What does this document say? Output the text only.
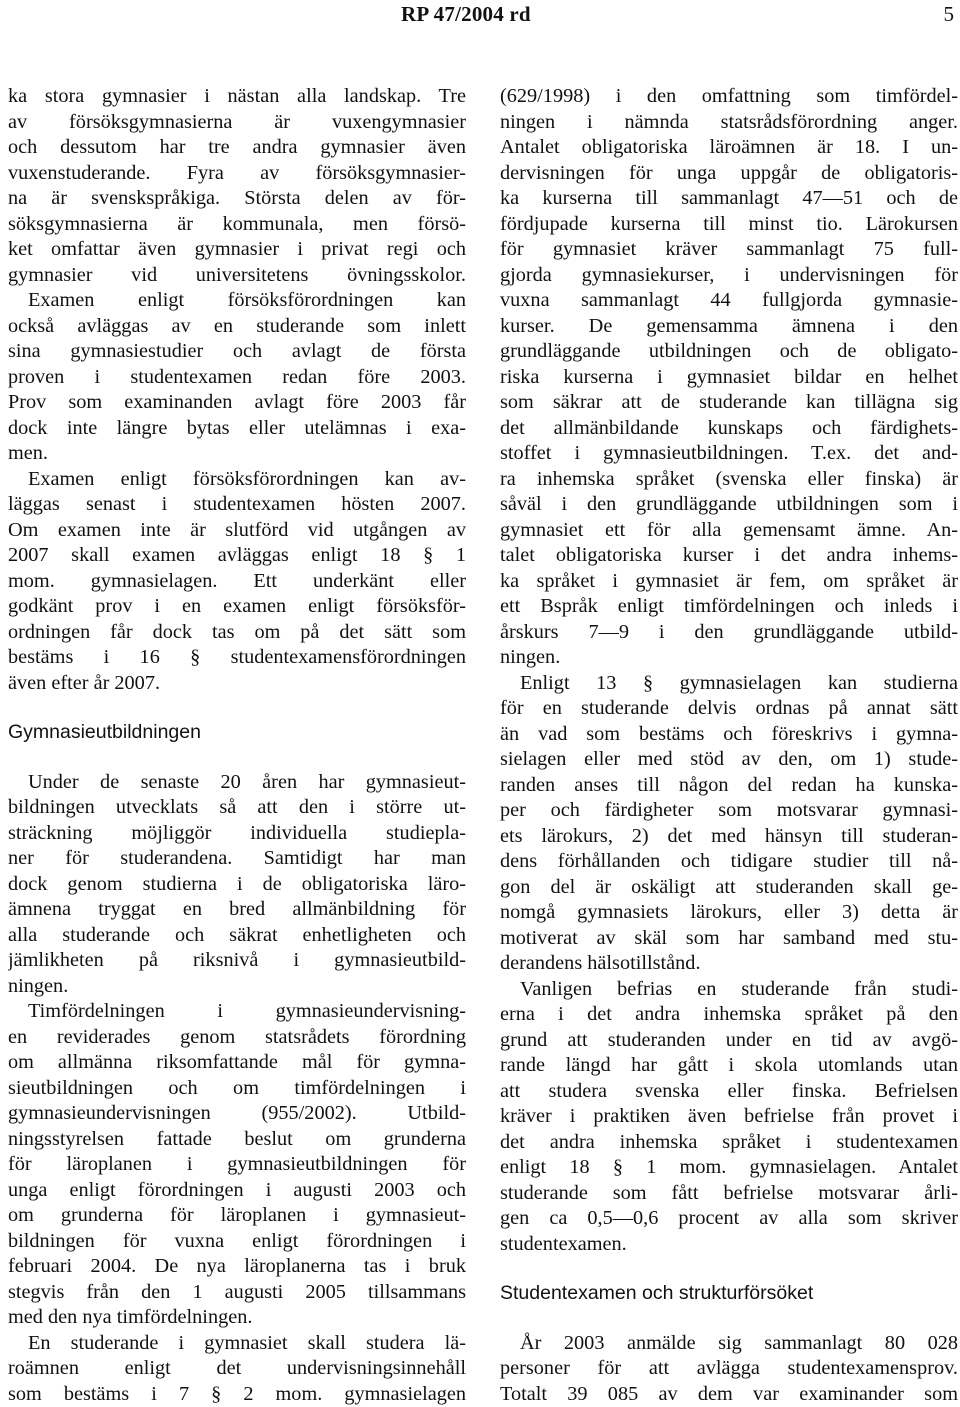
RP 47/2004 rd	5
ka stora gymnasier i nästan alla landskap. Tre
av försöksgymnasierna är vuxengymnasier
och dessutom har tre andra gymnasier även
vuxenstuderande. Fyra av försöksgymnasier-
na är svenskspråkiga. Största delen av för-
söksgymnasierna är kommunala, men försö-
ket omfattar även gymnasier i privat regi och
gymnasier vid universitetens övningsskolor.
Examen enligt försöksförordningen kan
också avläggas av en studerande som inlett
sina gymnasiestudier och avlagt de första
proven i studentexamen redan före 2003.
Prov som examinanden avlagt före 2003 får
dock inte längre bytas eller utelämnas i exa-
men.
Examen enligt försöksförordningen kan av-
läggas senast i studentexamen hösten 2007.
Om examen inte är slutförd vid utgången av
2007 skall examen avläggas enligt 18 § 1
mom. gymnasielagen. Ett underkänt eller
godkänt prov i en examen enligt försöksför-
ordningen får dock tas om på det sätt som
bestäms i 16 § studentexamensförordningen
även efter år 2007.
Gymnasieutbildningen
Under de senaste 20 åren har gymnasieut-
bildningen utvecklats så att den i större ut-
sträckning möjliggör individuella studiepla-
ner för studerandena. Samtidigt har man
dock genom studierna i de obligatoriska läro-
ämnena tryggat en bred allmänbildning för
alla studerande och säkrat enhetligheten och
jämlikheten på riksnivå i gymnasieutbild-
ningen.
Timfördelningen i gymnasieundervisning-
en reviderades genom statsrådets förordning
om allmänna riksomfattande mål för gymna-
sieutbildningen och om timfördelningen i
gymnasieundervisningen (955/2002). Utbild-
ningsstyrelsen fattade beslut om grunderna
för läroplanen i gymnasieutbildningen för
unga enligt förordningen i augusti 2003 och
om grunderna för läroplanen i gymnasieut-
bildningen för vuxna enligt förordningen i
februari 2004. De nya läroplanerna tas i bruk
stegvis från den 1 augusti 2005 tillsammans
med den nya timfördelningen.
En studerande i gymnasiet skall studera lä-
roämnen enligt det undervisningsinnehåll
som bestäms i 7 § 2 mom. gymnasielagen
(629/1998) i den omfattning som timfördel-
ningen i nämnda statsrådsförordning anger.
Antalet obligatoriska läroämnen är 18. I un-
dervisningen för unga uppgår de obligatoris-
ka kurserna till sammanlagt 47—51 och de
fördjupade kurserna till minst tio. Lärokursen
för gymnasiet kräver sammanlagt 75 full-
gjorda gymnasiekurser, i undervisningen för
vuxna sammanlagt 44 fullgjorda gymnasie-
kurser. De gemensamma ämnena i den
grundläggande utbildningen och de obligato-
riska kurserna i gymnasiet bildar en helhet
som säkrar att de studerande kan tillägna sig
det allmänbildande kunskaps och färdighets-
stoffet i gymnasieutbildningen. T.ex. det and-
ra inhemska språket (svenska eller finska) är
såväl i den grundläggande utbildningen som i
gymnasiet ett för alla gemensamt ämne. An-
talet obligatoriska kurser i det andra inhems-
ka språket i gymnasiet är fem, om språket är
ett Bspråk enligt timfördelningen och inleds i
årskurs 7—9 i den grundläggande utbild-
ningen.
Enligt 13 § gymnasielagen kan studierna
för en studerande delvis ordnas på annat sätt
än vad som bestäms och föreskrivs i gymna-
sielagen eller med stöd av den, om 1) stude-
randen anses till någon del redan ha kunska-
per och färdigheter som motsvarar gymnasi-
ets lärokurs, 2) det med hänsyn till studeran-
dens förhållanden och tidigare studier till nå-
gon del är oskäligt att studeranden skall ge-
nomgå gymnasiets lärokurs, eller 3) detta är
motiverat av skäl som har samband med stu-
derandens hälsotillstånd.
Vanligen befrias en studerande från studi-
erna i det andra inhemska språket på den
grund att studeranden under en tid av avgö-
rande längd har gått i skola utomlands utan
att studera svenska eller finska. Befrielsen
kräver i praktiken även befrielse från provet i
det andra inhemska språket i studentexamen
enligt 18 § 1 mom. gymnasielagen. Antalet
studerande som fått befrielse motsvarar årli-
gen ca 0,5—0,6 procent av alla som skriver
studentexamen.
Studentexamen och strukturförsöket
År 2003 anmälde sig sammanlagt 80 028
personer för att avlägga studentexamensprov.
Totalt 39 085 av dem var examinander som
